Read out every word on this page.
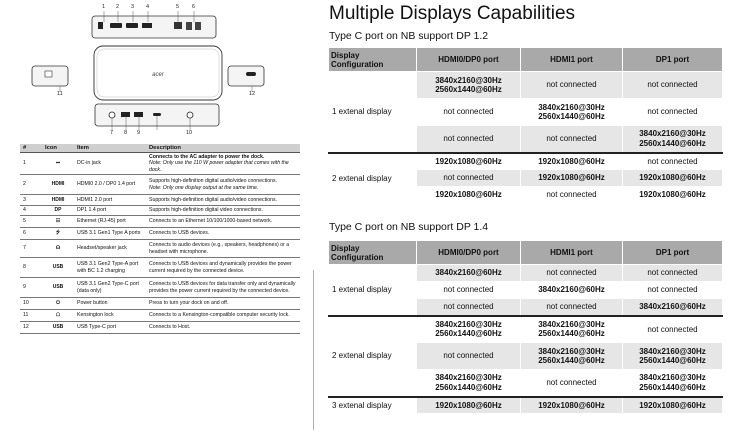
acer
1 2 3 4	5 6
7 8 9	10
11	12
#	Icon	Item	Description
1	⎓	DC-in jack	Connects to the AC adapter to power the dock.
Note: Only use the 110 W power adapter that comes with the dock.
2	HDMI	HDMI0 2.0 / DP0 1.4 port	Supports high-definition digital audio/video connections.
Note: Only one display output at the same time.
3	HDMI	HDMI1 2.0 port	Supports high-definition digital audio/video connections.
4	DP	DP1 1.4 port	Supports high-definition digital video connections.
5	☷	Ethernet (RJ-45) port	Connects to an Ethernet 10/100/1000-based network.
6	⭍	USB 3.1 Gen1 Type A ports	Connects to USB devices.
7	☊	Headset/speaker jack	Connects to audio devices (e.g., speakers, headphones) or a headset with microphone.
8	USB	USB 3.1 Gen2 Type-A port with BC 1.2 charging	Connects to USB devices and dynamically provides the power current required by the connected device.
9	USB	USB 3.1 Gen2 Type-C port (data only)	Connects to USB devices for data transfer only and dynamically provides the power current required by the connected device.
10	⏻	Power button	Press to turn your dock on and off.
11	☖	Kensington lock	Connects to a Kensington-compatible computer security lock.
12	USB	USB Type-C port	Connects to Host.
Multiple Displays Capabilities
Type C port on NB support DP 1.2
Display Configuration	HDMI0/DP0 port	HDMI1 port	DP1 port
1 extenal display	3840x2160@30Hz
2560x1440@60Hz	not connected	not connected
	not connected	3840x2160@30Hz
2560x1440@60Hz	not connected
	not connected	not connected	3840x2160@30Hz
2560x1440@60Hz
2 extenal display	1920x1080@60Hz	1920x1080@60Hz	not connected
	not connected	1920x1080@60Hz	1920x1080@60Hz
	1920x1080@60Hz	not connected	1920x1080@60Hz
Type C port on NB support DP 1.4
Display Configuration	HDMI0/DP0 port	HDMI1 port	DP1 port
1 extenal display	3840x2160@60Hz	not connected	not connected
	not connected	3840x2160@60Hz	not connected
	not connected	not connected	3840x2160@60Hz
2 extenal display	3840x2160@30Hz
2560x1440@60Hz	3840x2160@30Hz
2560x1440@60Hz	not connected
	not connected	3840x2160@30Hz
2560x1440@60Hz	3840x2160@30Hz
2560x1440@60Hz
	3840x2160@30Hz
2560x1440@60Hz	not connected	3840x2160@30Hz
2560x1440@60Hz
3 extenal display	1920x1080@60Hz	1920x1080@60Hz	1920x1080@60Hz
